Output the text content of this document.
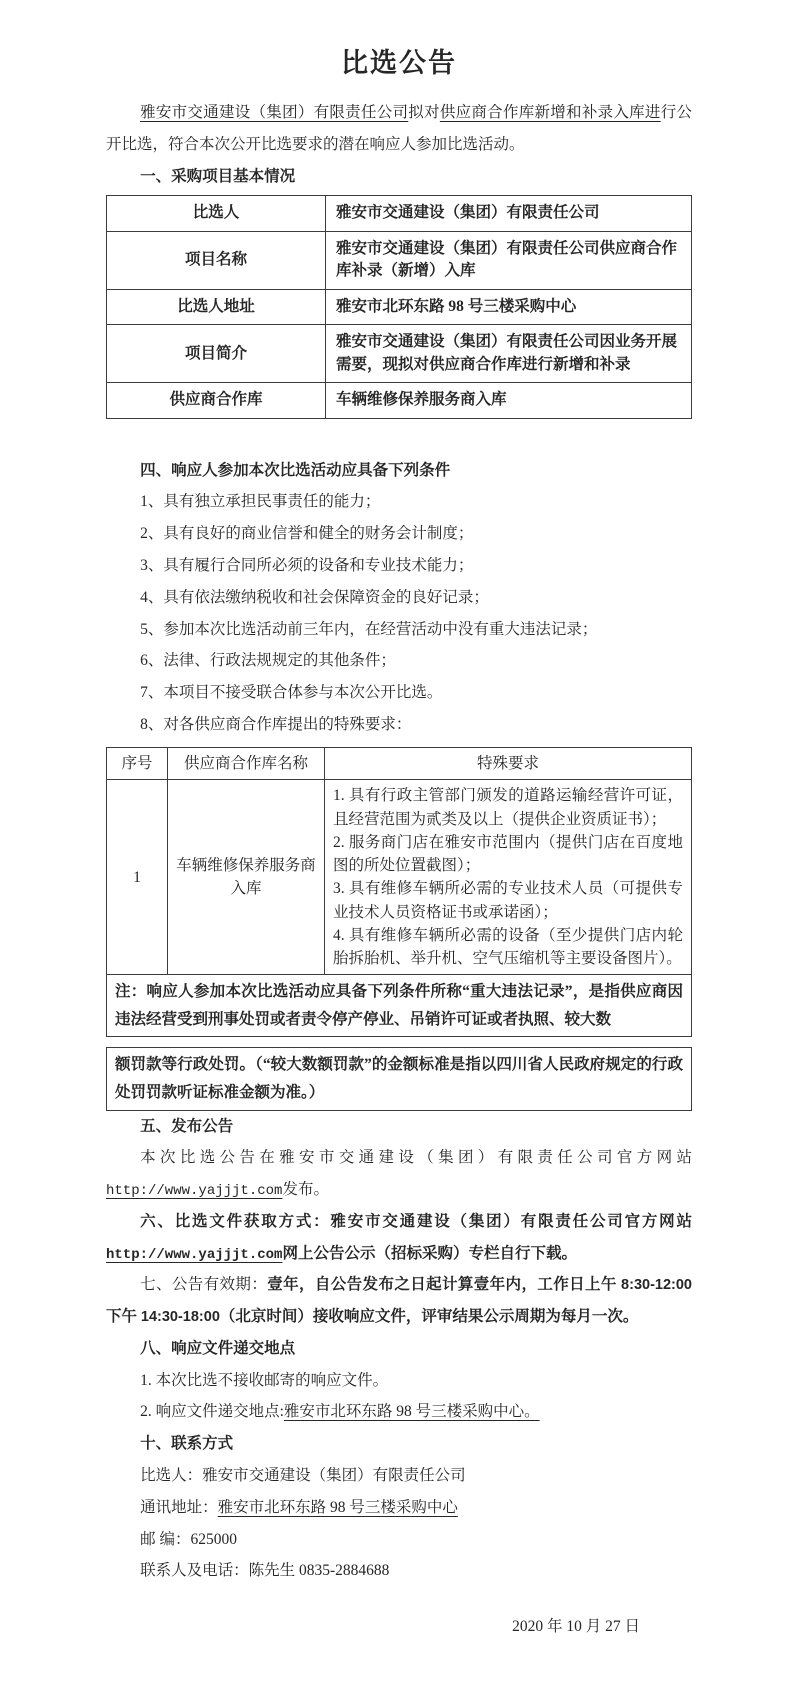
比选公告

雅安市交通建设（集团）有限责任公司拟对供应商合作库新增和补录入库进行公开比选，符合本次公开比选要求的潜在响应人参加比选活动。

一、采购项目基本情况
比选人	雅安市交通建设（集团）有限责任公司
项目名称	雅安市交通建设（集团）有限责任公司供应商合作库补录（新增）入库
比选人地址	雅安市北环东路 98 号三楼采购中心
项目简介	雅安市交通建设（集团）有限责任公司因业务开展需要，现拟对供应商合作库进行新增和补录
供应商合作库	车辆维修保养服务商入库
四、响应人参加本次比选活动应具备下列条件
1、具有独立承担民事责任的能力；
2、具有良好的商业信誉和健全的财务会计制度；
3、具有履行合同所必须的设备和专业技术能力；
4、具有依法缴纳税收和社会保障资金的良好记录；
5、参加本次比选活动前三年内，在经营活动中没有重大违法记录；
6、法律、行政法规规定的其他条件；
7、本项目不接受联合体参与本次公开比选。
8、对各供应商合作库提出的特殊要求：
序号	供应商合作库名称	特殊要求
1	车辆维修保养服务商入库	1. 具有行政主管部门颁发的道路运输经营许可证，且经营范围为贰类及以上（提供企业资质证书）；
2. 服务商门店在雅安市范围内（提供门店在百度地图的所处位置截图）；
3. 具有维修车辆所必需的专业技术人员（可提供专业技术人员资格证书或承诺函）；
4. 具有维修车辆所必需的设备（至少提供门店内轮胎拆胎机、举升机、空气压缩机等主要设备图片）。
注：响应人参加本次比选活动应具备下列条件所称“重大违法记录”，是指供应商因违法经营受到刑事处罚或者责令停产停业、吊销许可证或者执照、较大数
额罚款等行政处罚。（“较大数额罚款”的金额标准是指以四川省人民政府规定的行政处罚罚款听证标准金额为准。）
五、发布公告

本次比选公告在雅安市交通建设（集团）有限责任公司官方网站http://www.yajjjt.com发布。

六、比选文件获取方式：雅安市交通建设（集团）有限责任公司官方网站http://www.yajjjt.com网上公告公示（招标采购）专栏自行下载。

七、公告有效期：壹年，自公告发布之日起计算壹年内，工作日上午 8:30-12:00 下午 14:30-18:00（北京时间）接收响应文件，评审结果公示周期为每月一次。

八、响应文件递交地点
1. 本次比选不接收邮寄的响应文件。
2. 响应文件递交地点:雅安市北环东路 98 号三楼采购中心。
十、联系方式
比选人：雅安市交通建设（集团）有限责任公司
通讯地址：雅安市北环东路 98 号三楼采购中心
邮 编：625000
联系人及电话：陈先生 0835-2884688
2020 年 10 月 27 日
